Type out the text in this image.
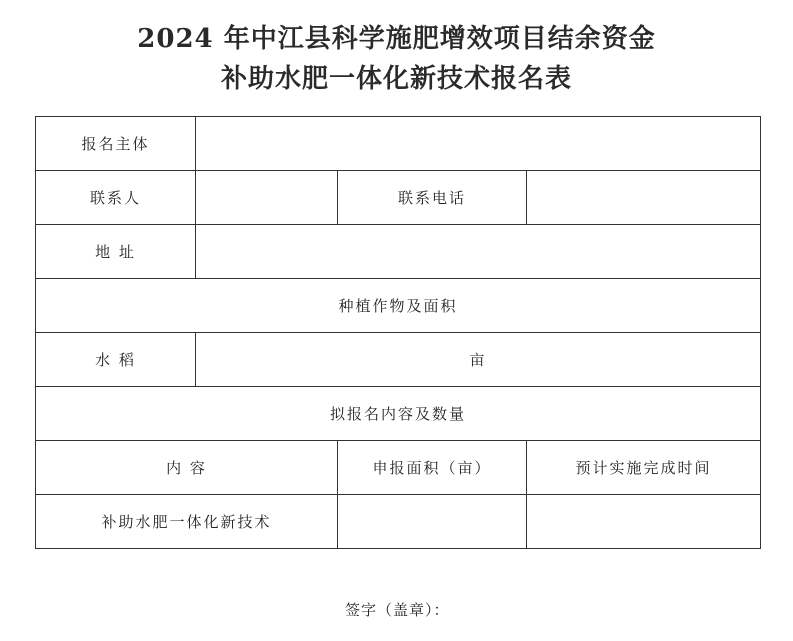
2024 年中江县科学施肥增效项目结余资金
补助水肥一体化新技术报名表
报名主体			
联系人		联系电话	
地 址			
种植作物及面积			
水 稻	亩		
拟报名内容及数量			
内 容		申报面积（亩）	预计实施完成时间
补助水肥一体化新技术			
签字（盖章）：
